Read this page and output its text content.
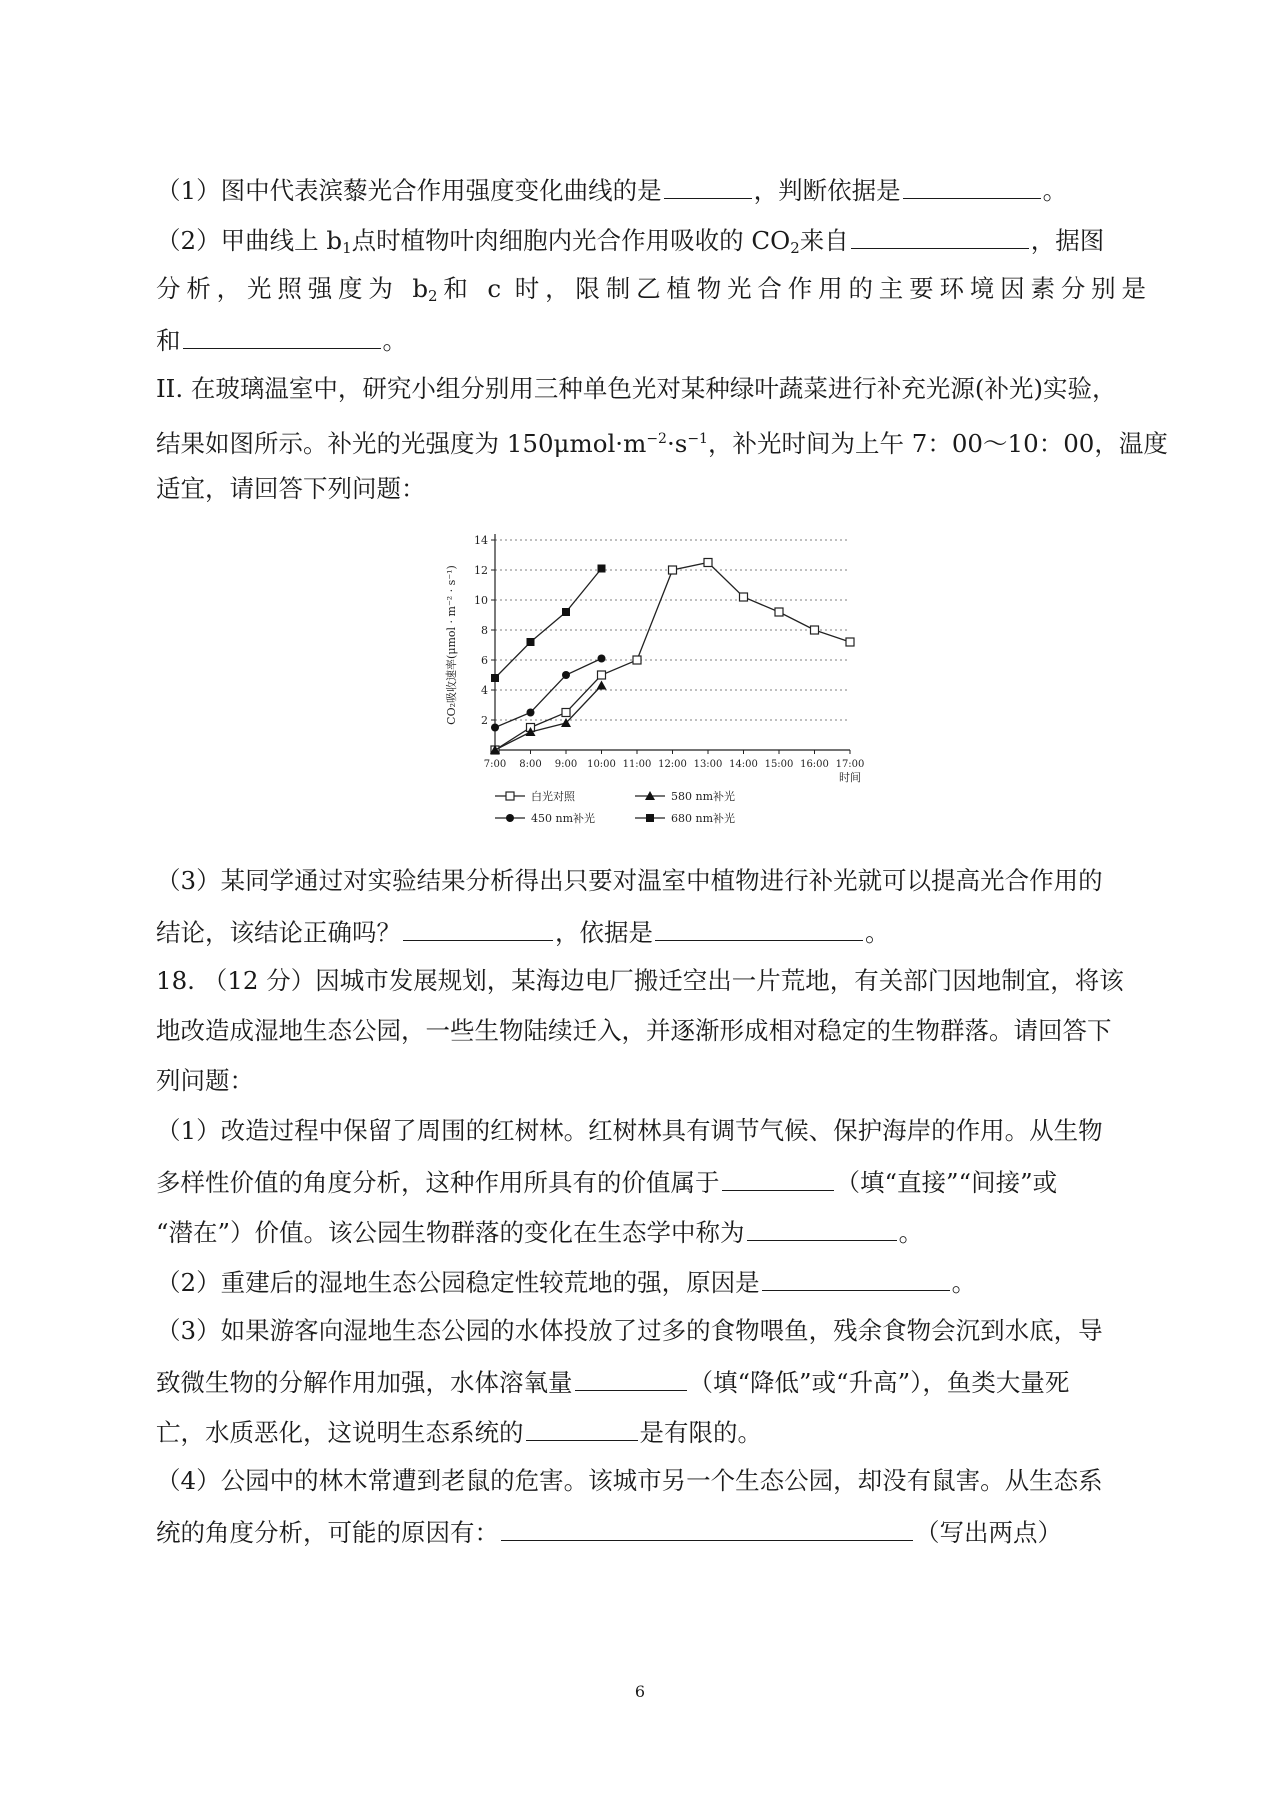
（1）图中代表滨藜光合作用强度变化曲线的是	，判断依据是	。
（2）甲曲线上 $b_1$点时植物叶肉细胞内光合作用吸收的 $CO_2$来自	，据图
分析，光照强度为 $b_2$和 c 时，限制乙植物光合作用的主要环境因素分别是
和	。
II. 在玻璃温室中，研究小组分别用三种单色光对某种绿叶蔬菜进行补充光源(补光)实验，
结果如图所示。补光的光强度为 $150\mu mol\cdot m^{-2}\cdot s^{-1}$，补光时间为上午 7：00～10：00，温度
适宜，请回答下列问题：
2
4
6
8
10
12
14
7:00 8:00 9:00 10:00 11:00 12:00 13:00 14:00 15:00 16:00 17:00
时间
CO₂吸收速率(μmol · m⁻² · s⁻¹)
白光对照	580 nm补光
450 nm补光	680 nm补光
（3）某同学通过对实验结果分析得出只要对温室中植物进行补光就可以提高光合作用的
结论，该结论正确吗？	，依据是	。
18. （12 分）因城市发展规划，某海边电厂搬迁空出一片荒地，有关部门因地制宜，将该
地改造成湿地生态公园，一些生物陆续迁入，并逐渐形成相对稳定的生物群落。请回答下
列问题：
（1）改造过程中保留了周围的红树林。红树林具有调节气候、保护海岸的作用。从生物
多样性价值的角度分析，这种作用所具有的价值属于	（填“直接”“间接”或
“潜在”）价值。该公园生物群落的变化在生态学中称为	。
（2）重建后的湿地生态公园稳定性较荒地的强，原因是	。
（3）如果游客向湿地生态公园的水体投放了过多的食物喂鱼，残余食物会沉到水底，导
致微生物的分解作用加强，水体溶氧量	（填“降低”或“升高”），鱼类大量死
亡，水质恶化，这说明生态系统的	是有限的。
（4）公园中的林木常遭到老鼠的危害。该城市另一个生态公园，却没有鼠害。从生态系
统的角度分析，可能的原因有：	（写出两点）
6
